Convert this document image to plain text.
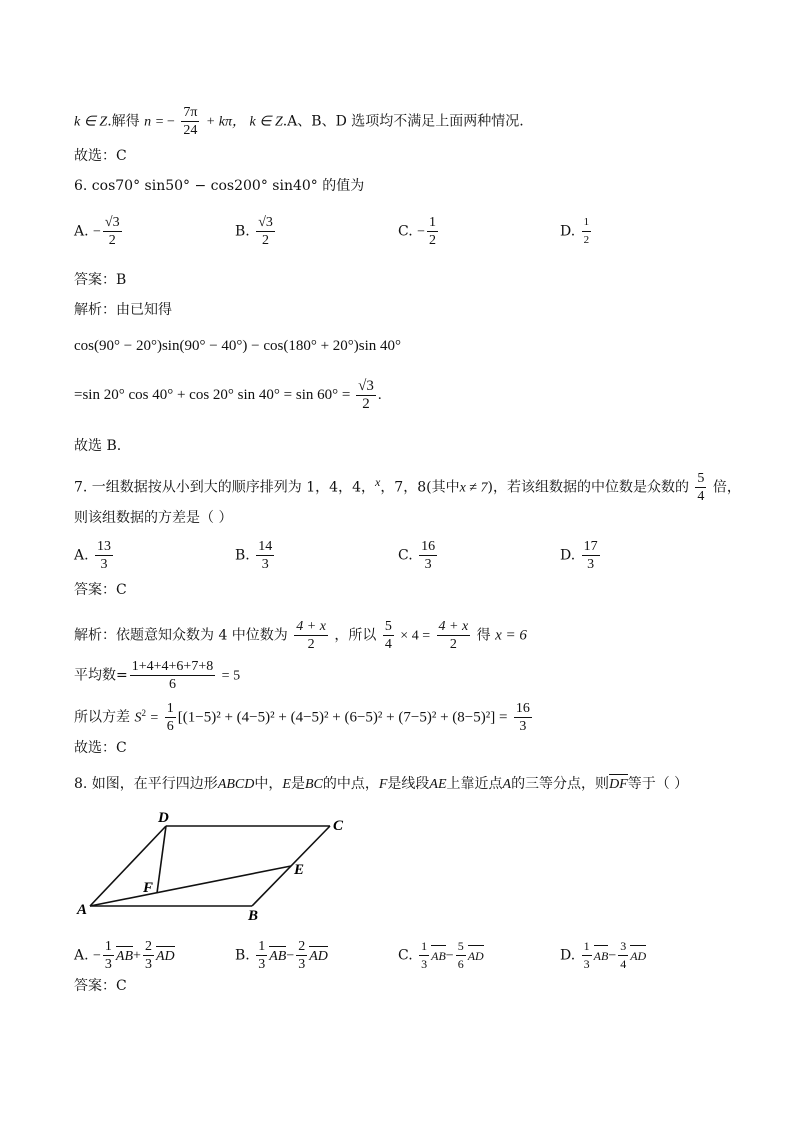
k ∈ Z.解得 n = − $\frac{7\pi}{24} + k\pi$， k ∈ Z.A、B、D 选项均不满足上面两种情况.
故选：C
6. cos70° sin50° − cos200° sin40° 的值为
A. − $\frac{√3}{2}$	B. $\frac{√3}{2}$	C. − $\frac{1}{2}$	D. $\frac{1}{2}$
答案：B
解析：由已知得
cos(90° − 20°)sin(90° − 40°) − cos(180° + 20°)sin 40°
=sin 20° cos 40° + cos 20° $\sin 40^\circ = \sin 60^\circ = \frac{√3}{2}$ .
故选 B.
7. 一组数据按从小到大的顺序排列为 1，4，4，x，7，8(其中x ≠ 7)，若该组数据的中位数是众数的 $\frac{5}{4}$ 倍，
则该组数据的方差是（ ）
A. $\frac{13}{3}$	B. $\frac{14}{3}$	C. $\frac{16}{3}$	D. $\frac{17}{3}$
答案：C
解析：依题意知众数为 4 中位数为 $\frac{4 + x}{2}$ ，所以 $\frac{5}{4} \times 4 = \frac{4 + x}{2}$ 得 x = 6
平均数= $\frac{1+4+4+6+7+8}{6} = 5$
所以方差 $S^2 = \frac{1}{6} [(1-5)^2 + (4-5)^2 + (4-5)^2 + (6-5)^2 + (7-5)^2 + (8-5)^2] = \frac{16}{3}$
故选：C
8. 如图，在平行四边形ABCD中，E是BC的中点，F是线段AE上靠近点A的三等分点，则DF等于（ ）
A	B
C
D
E
F
A. − $\frac{1}{3} AB+ \frac{2}{3}$ AD	B. $\frac{1}{3} AB- \frac{2}{3}$ AD	C. $\frac{1}{3} AB- \frac{5}{6}$ AD	D. $\frac{1}{3} AB- \frac{3}{4}$ AD
答案：C
